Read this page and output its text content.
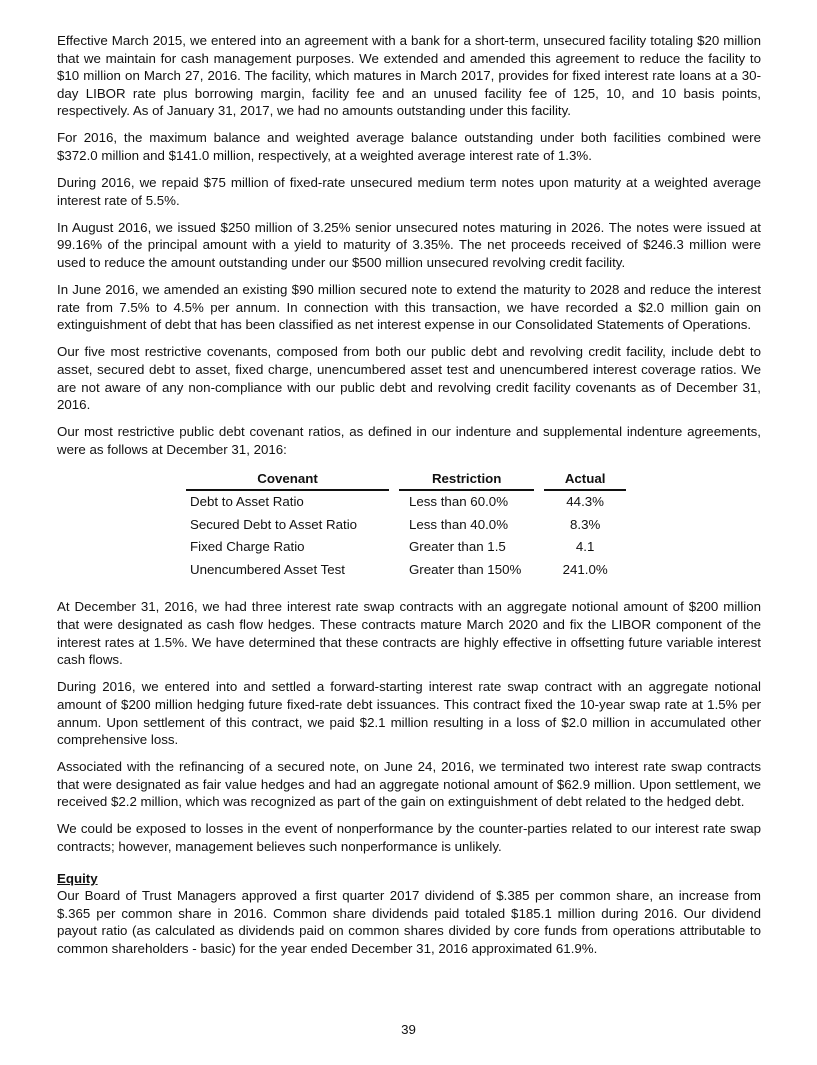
Effective March 2015, we entered into an agreement with a bank for a short-term, unsecured facility totaling $20 million that we maintain for cash management purposes. We extended and amended this agreement to reduce the facility to $10 million on March 27, 2016. The facility, which matures in March 2017, provides for fixed interest rate loans at a 30-day LIBOR rate plus borrowing margin, facility fee and an unused facility fee of 125, 10, and 10 basis points, respectively. As of January 31, 2017, we had no amounts outstanding under this facility.

For 2016, the maximum balance and weighted average balance outstanding under both facilities combined were $372.0 million and $141.0 million, respectively, at a weighted average interest rate of 1.3%.

During 2016, we repaid $75 million of fixed-rate unsecured medium term notes upon maturity at a weighted average interest rate of 5.5%.

In August 2016, we issued $250 million of 3.25% senior unsecured notes maturing in 2026. The notes were issued at 99.16% of the principal amount with a yield to maturity of 3.35%. The net proceeds received of $246.3 million were used to reduce the amount outstanding under our $500 million unsecured revolving credit facility.

In June 2016, we amended an existing $90 million secured note to extend the maturity to 2028 and reduce the interest rate from 7.5% to 4.5% per annum. In connection with this transaction, we have recorded a $2.0 million gain on extinguishment of debt that has been classified as net interest expense in our Consolidated Statements of Operations.

Our five most restrictive covenants, composed from both our public debt and revolving credit facility, include debt to asset, secured debt to asset, fixed charge, unencumbered asset test and unencumbered interest coverage ratios. We are not aware of any non-compliance with our public debt and revolving credit facility covenants as of December 31, 2016.

Our most restrictive public debt covenant ratios, as defined in our indenture and supplemental indenture agreements, were as follows at December 31, 2016:

Covenant		Restriction		Actual
Debt to Asset Ratio		Less than 60.0%		44.3%
Secured Debt to Asset Ratio		Less than 40.0%		8.3%
Fixed Charge Ratio		Greater than 1.5		4.1
Unencumbered Asset Test		Greater than 150%		241.0%

At December 31, 2016, we had three interest rate swap contracts with an aggregate notional amount of $200 million that were designated as cash flow hedges. These contracts mature March 2020 and fix the LIBOR component of the interest rates at 1.5%. We have determined that these contracts are highly effective in offsetting future variable interest cash flows.

During 2016, we entered into and settled a forward-starting interest rate swap contract with an aggregate notional amount of $200 million hedging future fixed-rate debt issuances. This contract fixed the 10-year swap rate at 1.5% per annum. Upon settlement of this contract, we paid $2.1 million resulting in a loss of $2.0 million in accumulated other comprehensive loss.

Associated with the refinancing of a secured note, on June 24, 2016, we terminated two interest rate swap contracts that were designated as fair value hedges and had an aggregate notional amount of $62.9 million. Upon settlement, we received $2.2 million, which was recognized as part of the gain on extinguishment of debt related to the hedged debt.

We could be exposed to losses in the event of nonperformance by the counter-parties related to our interest rate swap contracts; however, management believes such nonperformance is unlikely.

Equity

Our Board of Trust Managers approved a first quarter 2017 dividend of $.385 per common share, an increase from $.365 per common share in 2016. Common share dividends paid totaled $185.1 million during 2016. Our dividend payout ratio (as calculated as dividends paid on common shares divided by core funds from operations attributable to common shareholders - basic) for the year ended December 31, 2016 approximated 61.9%.

39
